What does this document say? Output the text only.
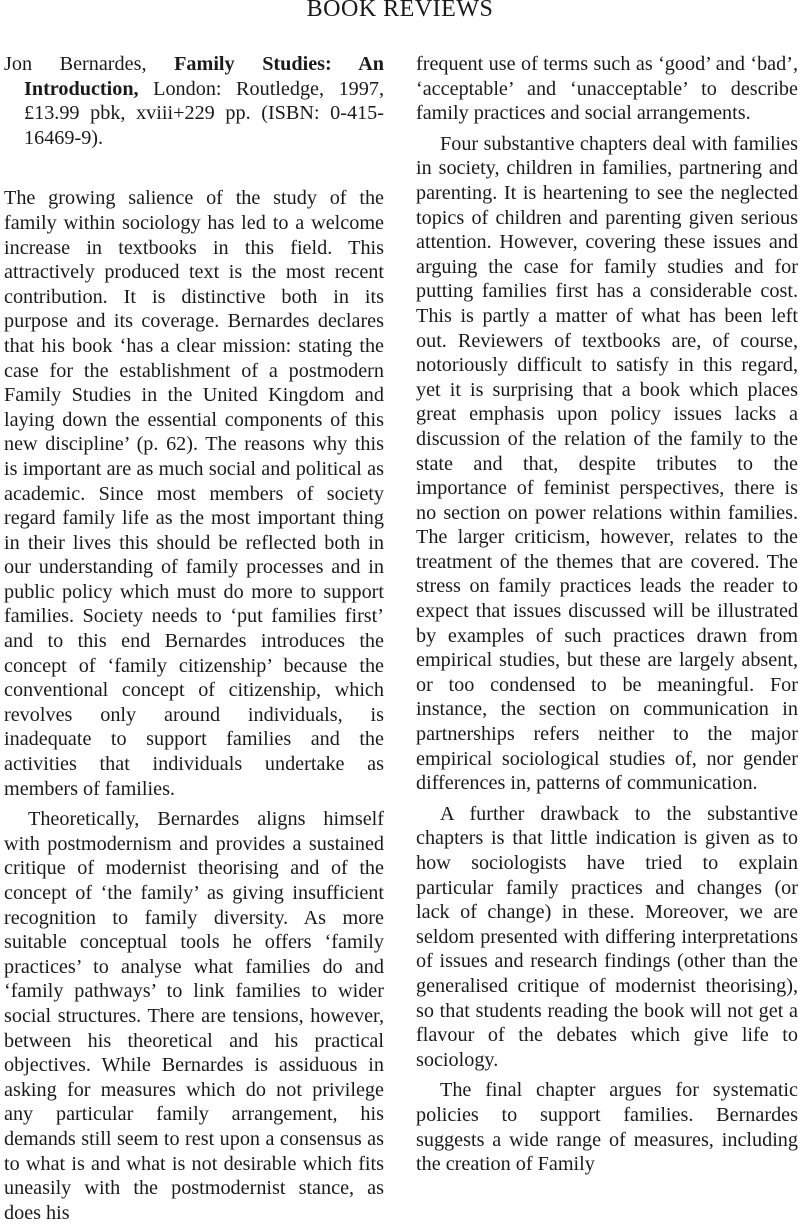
BOOK REVIEWS
Jon Bernardes, Family Studies: An Introduction, London: Routledge, 1997, £13.99 pbk, xviii+229 pp. (ISBN: 0-415-16469-9).

The growing salience of the study of the family within sociology has led to a welcome increase in textbooks in this field. This attractively produced text is the most recent contribution. It is distinctive both in its purpose and its coverage. Bernardes declares that his book ‘has a clear mission: stating the case for the establishment of a postmodern Family Studies in the United Kingdom and laying down the essential components of this new discipline’ (p. 62). The reasons why this is important are as much social and political as academic. Since most members of society regard family life as the most important thing in their lives this should be reflected both in our understanding of family processes and in public policy which must do more to support families. Society needs to ‘put families first’ and to this end Bernardes introduces the concept of ‘family citizenship’ because the conventional concept of citizenship, which revolves only around individuals, is inadequate to support families and the activities that individuals undertake as members of families.

Theoretically, Bernardes aligns himself with postmodernism and provides a sustained critique of modernist theorising and of the concept of ‘the family’ as giving insufficient recognition to family diversity. As more suitable conceptual tools he offers ‘family practices’ to analyse what families do and ‘family pathways’ to link families to wider social structures. There are tensions, however, between his theoretical and his practical objectives. While Bernardes is assiduous in asking for measures which do not privilege any particular family arrangement, his demands still seem to rest upon a consensus as to what is and what is not desirable which fits uneasily with the postmodernist stance, as does his

frequent use of terms such as ‘good’ and ‘bad’, ‘acceptable’ and ‘unacceptable’ to describe family practices and social arrangements.

Four substantive chapters deal with families in society, children in families, partnering and parenting. It is heartening to see the neglected topics of children and parenting given serious attention. However, covering these issues and arguing the case for family studies and for putting families first has a considerable cost. This is partly a matter of what has been left out. Reviewers of textbooks are, of course, notoriously difficult to satisfy in this regard, yet it is surprising that a book which places great emphasis upon policy issues lacks a discussion of the relation of the family to the state and that, despite tributes to the importance of feminist perspectives, there is no section on power relations within families. The larger criticism, however, relates to the treatment of the themes that are covered. The stress on family practices leads the reader to expect that issues discussed will be illustrated by examples of such practices drawn from empirical studies, but these are largely absent, or too condensed to be meaningful. For instance, the section on communication in partnerships refers neither to the major empirical sociological studies of, nor gender differences in, patterns of communication.

A further drawback to the substantive chapters is that little indication is given as to how sociologists have tried to explain particular family practices and changes (or lack of change) in these. Moreover, we are seldom presented with differing interpretations of issues and research findings (other than the generalised critique of modernist theorising), so that students reading the book will not get a flavour of the debates which give life to sociology.

The final chapter argues for systematic policies to support families. Bernardes suggests a wide range of measures, including the creation of Family
